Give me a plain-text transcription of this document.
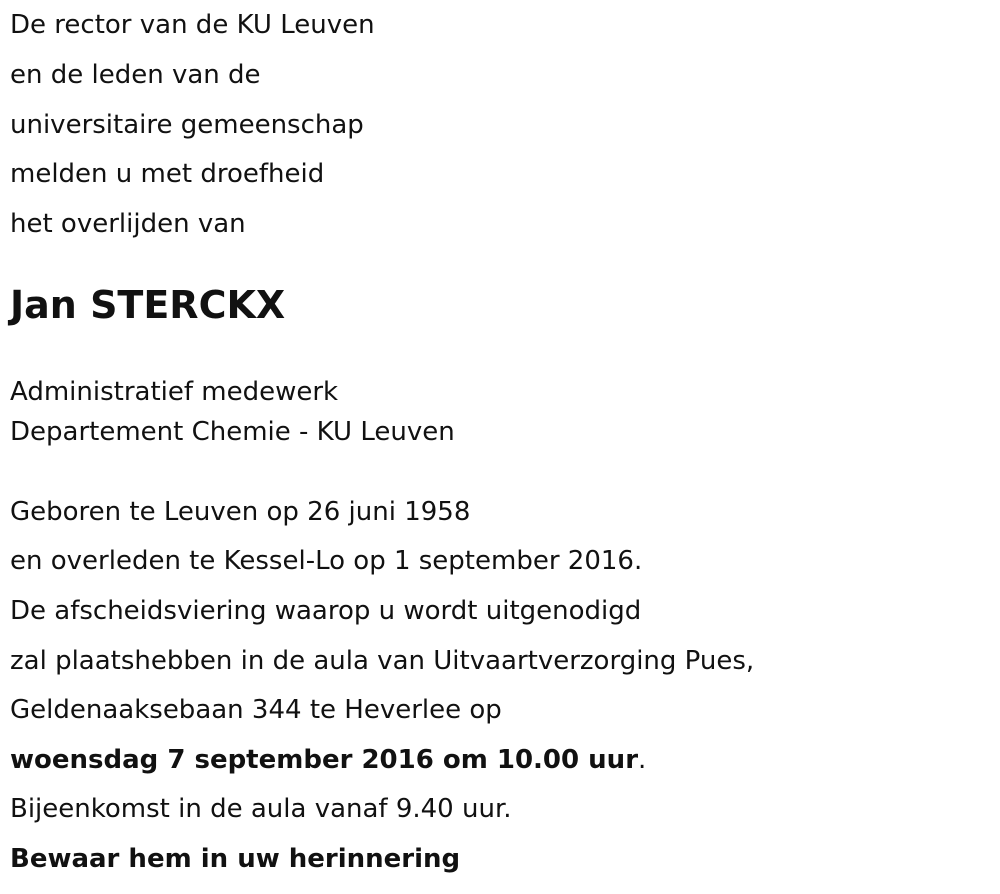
De rector van de KU Leuven
en de leden van de
universitaire gemeenschap
melden u met droefheid
het overlijden van
Jan STERCKX
Administratief medewerk
Departement Chemie - KU Leuven
Geboren te Leuven op 26 juni 1958
en overleden te Kessel-Lo op 1 september 2016.
De afscheidsviering waarop u wordt uitgenodigd
zal plaatshebben in de aula van Uitvaartverzorging Pues,
Geldenaaksebaan 344 te Heverlee op
woensdag 7 september 2016 om 10.00 uur.
Bijeenkomst in de aula vanaf 9.40 uur.
Bewaar hem in uw herinnering
